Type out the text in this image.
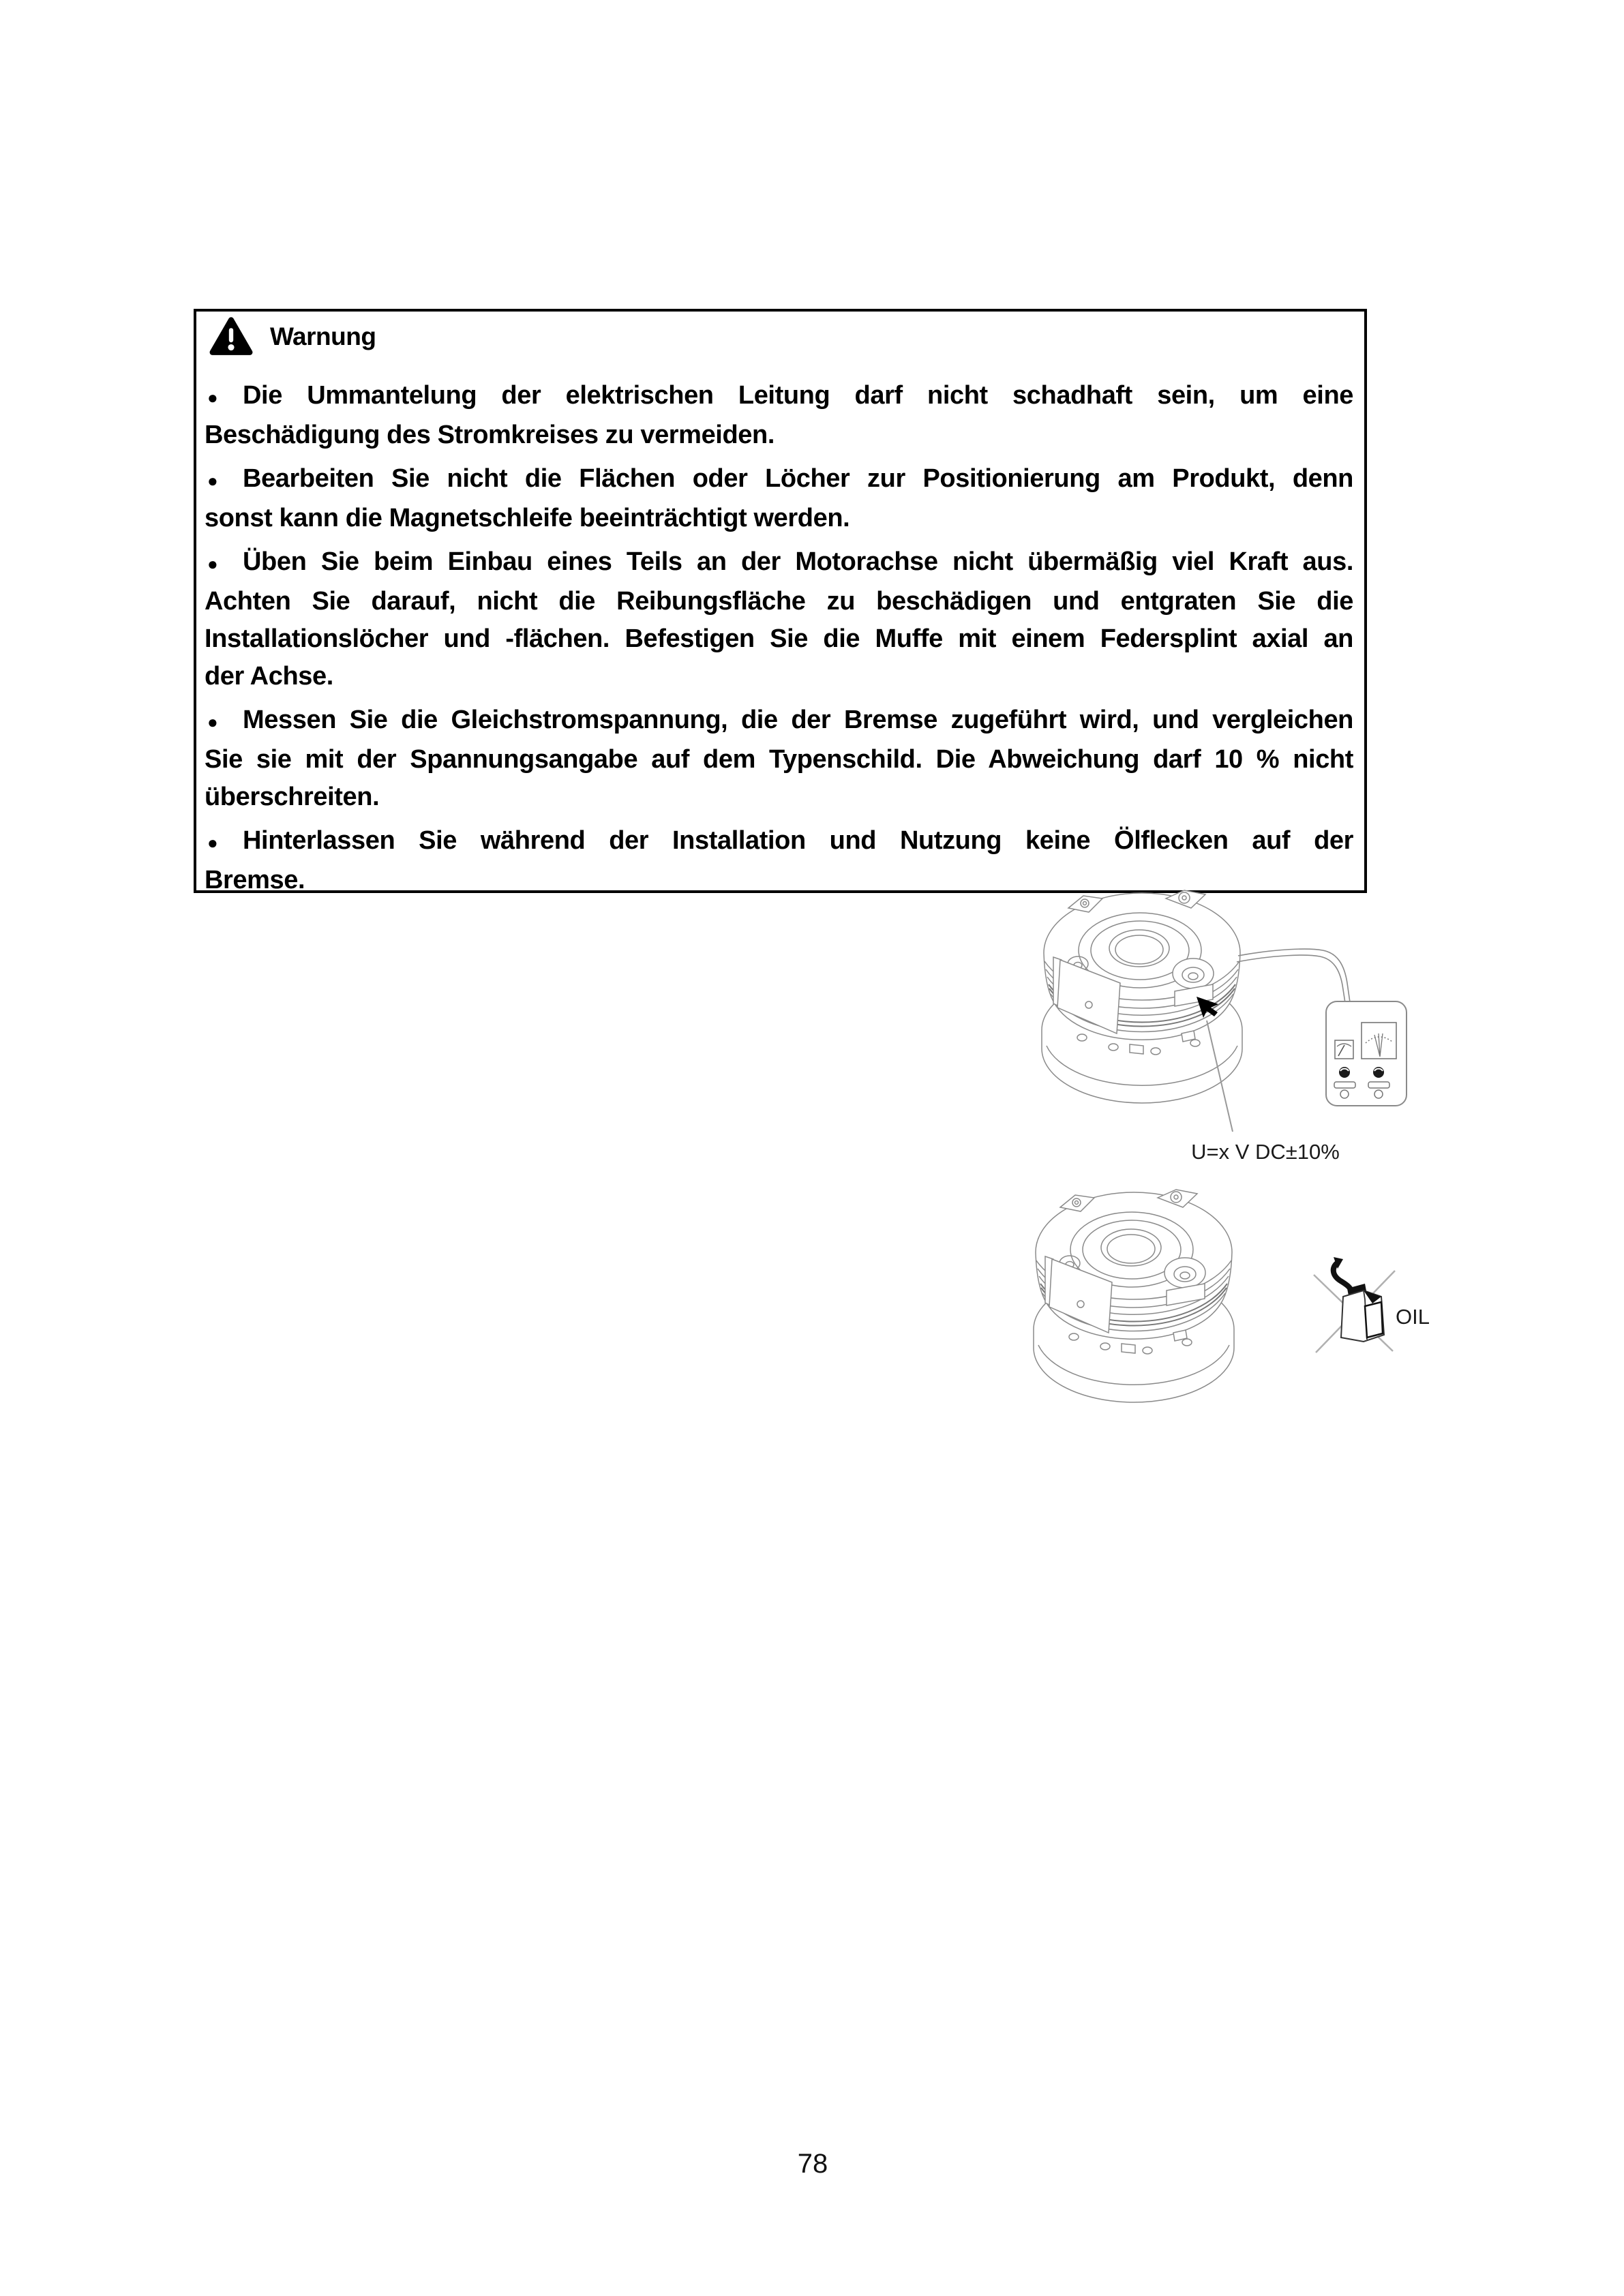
Warnung
● Die Ummantelung der elektrischen Leitung darf nicht schadhaft sein, um eine
Beschädigung des Stromkreises zu vermeiden.
● Bearbeiten Sie nicht die Flächen oder Löcher zur Positionierung am Produkt, denn
sonst kann die Magnetschleife beeinträchtigt werden.
● Üben Sie beim Einbau eines Teils an der Motorachse nicht übermäßig viel Kraft aus.
Achten Sie darauf, nicht die Reibungsfläche zu beschädigen und entgraten Sie die
Installationslöcher und -flächen. Befestigen Sie die Muffe mit einem Federsplint axial an
der Achse.
● Messen Sie die Gleichstromspannung, die der Bremse zugeführt wird, und vergleichen
Sie sie mit der Spannungsangabe auf dem Typenschild. Die Abweichung darf 10 % nicht
überschreiten.
● Hinterlassen Sie während der Installation und Nutzung keine Ölflecken auf der
Bremse.
U=x V DC±10%
OIL
78
